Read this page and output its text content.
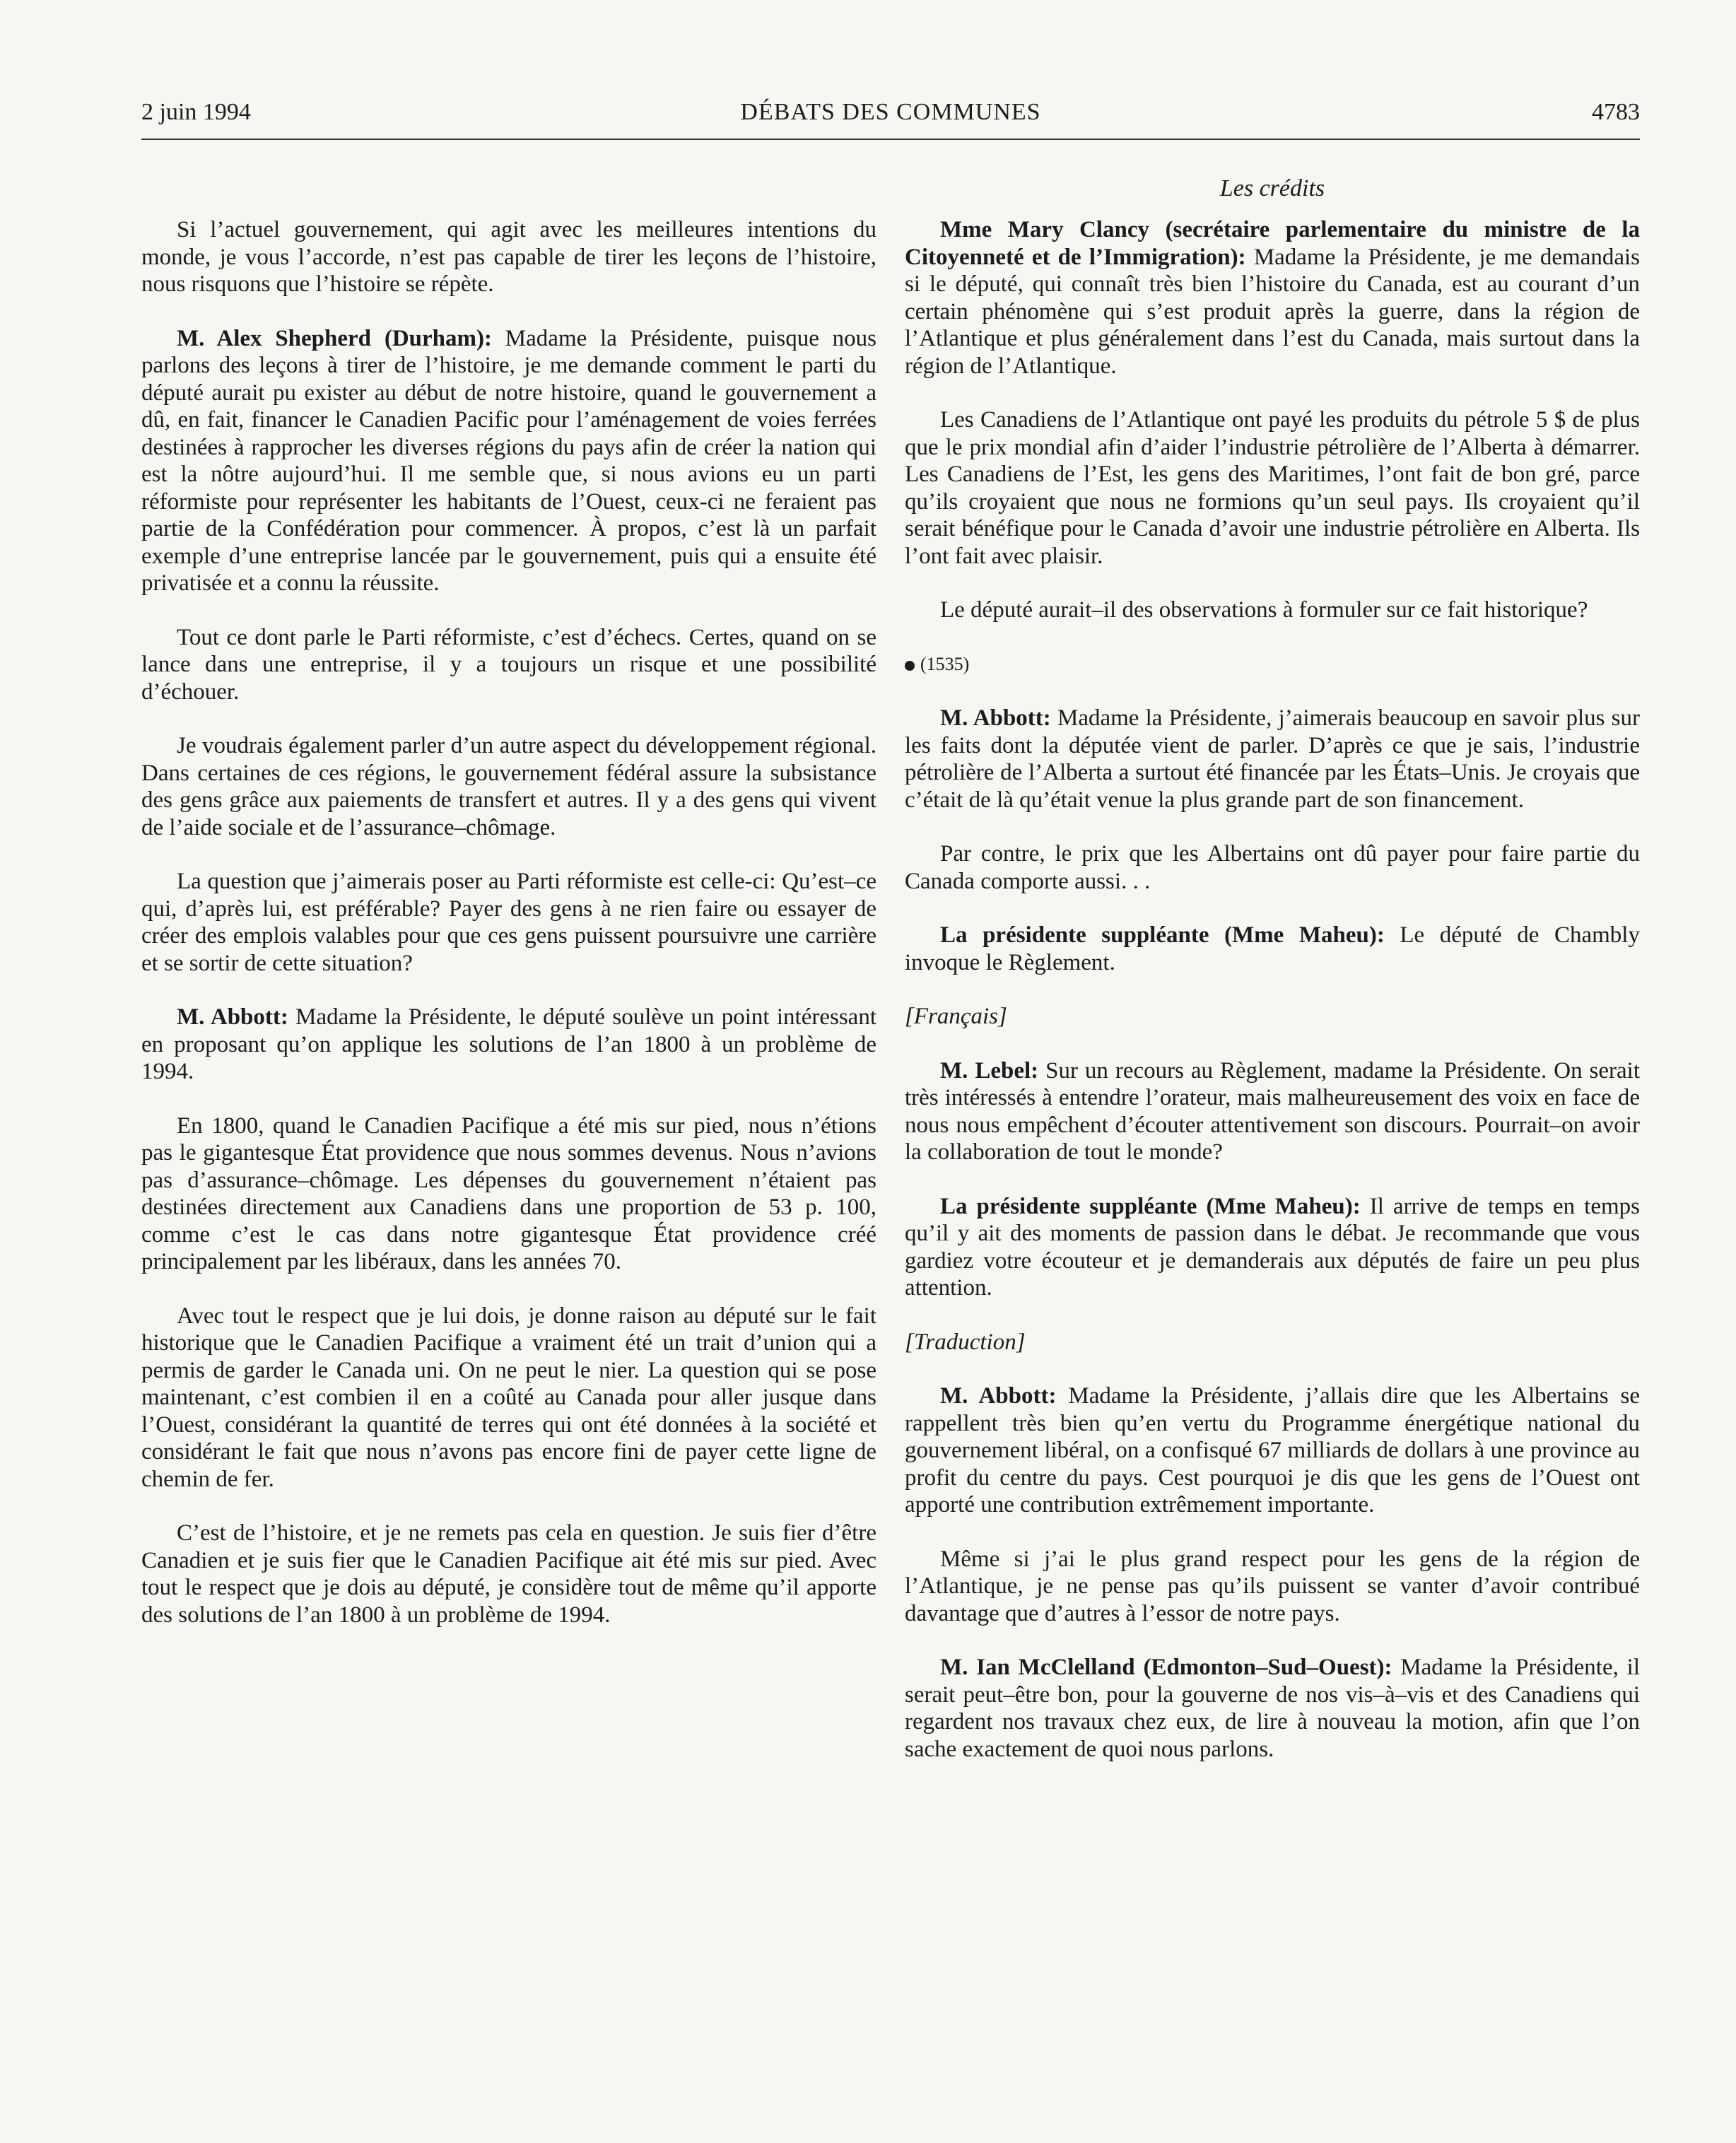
2 juin 1994	DÉBATS DES COMMUNES	4783
Les crédits

Si l’actuel gouvernement, qui agit avec les meilleures intentions du monde, je vous l’accorde, n’est pas capable de tirer les leçons de l’histoire, nous risquons que l’histoire se répète.

M. Alex Shepherd (Durham): Madame la Présidente, puisque nous parlons des leçons à tirer de l’histoire, je me demande comment le parti du député aurait pu exister au début de notre histoire, quand le gouvernement a dû, en fait, financer le Canadien Pacific pour l’aménagement de voies ferrées destinées à rapprocher les diverses régions du pays afin de créer la nation qui est la nôtre aujourd’hui. Il me semble que, si nous avions eu un parti réformiste pour représenter les habitants de l’Ouest, ceux-ci ne feraient pas partie de la Confédération pour commencer. À propos, c’est là un parfait exemple d’une entreprise lancée par le gouvernement, puis qui a ensuite été privatisée et a connu la réussite.

Tout ce dont parle le Parti réformiste, c’est d’échecs. Certes, quand on se lance dans une entreprise, il y a toujours un risque et une possibilité d’échouer.

Je voudrais également parler d’un autre aspect du développement régional. Dans certaines de ces régions, le gouvernement fédéral assure la subsistance des gens grâce aux paiements de transfert et autres. Il y a des gens qui vivent de l’aide sociale et de l’assurance–chômage.

La question que j’aimerais poser au Parti réformiste est celle-ci: Qu’est–ce qui, d’après lui, est préférable? Payer des gens à ne rien faire ou essayer de créer des emplois valables pour que ces gens puissent poursuivre une carrière et se sortir de cette situation?

M. Abbott: Madame la Présidente, le député soulève un point intéressant en proposant qu’on applique les solutions de l’an 1800 à un problème de 1994.

En 1800, quand le Canadien Pacifique a été mis sur pied, nous n’étions pas le gigantesque État providence que nous sommes devenus. Nous n’avions pas d’assurance–chômage. Les dépenses du gouvernement n’étaient pas destinées directement aux Canadiens dans une proportion de 53 p. 100, comme c’est le cas dans notre gigantesque État providence créé principalement par les libéraux, dans les années 70.

Avec tout le respect que je lui dois, je donne raison au député sur le fait historique que le Canadien Pacifique a vraiment été un trait d’union qui a permis de garder le Canada uni. On ne peut le nier. La question qui se pose maintenant, c’est combien il en a coûté au Canada pour aller jusque dans l’Ouest, considérant la quantité de terres qui ont été données à la société et considérant le fait que nous n’avons pas encore fini de payer cette ligne de chemin de fer.

C’est de l’histoire, et je ne remets pas cela en question. Je suis fier d’être Canadien et je suis fier que le Canadien Pacifique ait été mis sur pied. Avec tout le respect que je dois au député, je considère tout de même qu’il apporte des solutions de l’an 1800 à un problème de 1994.

Mme Mary Clancy (secrétaire parlementaire du ministre de la Citoyenneté et de l’Immigration): Madame la Présidente, je me demandais si le député, qui connaît très bien l’histoire du Canada, est au courant d’un certain phénomène qui s’est produit après la guerre, dans la région de l’Atlantique et plus généralement dans l’est du Canada, mais surtout dans la région de l’Atlantique.

Les Canadiens de l’Atlantique ont payé les produits du pétrole 5 $ de plus que le prix mondial afin d’aider l’industrie pétrolière de l’Alberta à démarrer. Les Canadiens de l’Est, les gens des Maritimes, l’ont fait de bon gré, parce qu’ils croyaient que nous ne formions qu’un seul pays. Ils croyaient qu’il serait bénéfique pour le Canada d’avoir une industrie pétrolière en Alberta. Ils l’ont fait avec plaisir.

Le député aurait–il des observations à formuler sur ce fait historique?

(1535)

M. Abbott: Madame la Présidente, j’aimerais beaucoup en savoir plus sur les faits dont la députée vient de parler. D’après ce que je sais, l’industrie pétrolière de l’Alberta a surtout été financée par les États–Unis. Je croyais que c’était de là qu’était venue la plus grande part de son financement.

Par contre, le prix que les Albertains ont dû payer pour faire partie du Canada comporte aussi. . .

La présidente suppléante (Mme Maheu): Le député de Chambly invoque le Règlement.

[Français]

M. Lebel: Sur un recours au Règlement, madame la Présidente. On serait très intéressés à entendre l’orateur, mais malheureusement des voix en face de nous nous empêchent d’écouter attentivement son discours. Pourrait–on avoir la collaboration de tout le monde?

La présidente suppléante (Mme Maheu): Il arrive de temps en temps qu’il y ait des moments de passion dans le débat. Je recommande que vous gardiez votre écouteur et je demanderais aux députés de faire un peu plus attention.

[Traduction]

M. Abbott: Madame la Présidente, j’allais dire que les Albertains se rappellent très bien qu’en vertu du Programme énergétique national du gouvernement libéral, on a confisqué 67 milliards de dollars à une province au profit du centre du pays. Cest pourquoi je dis que les gens de l’Ouest ont apporté une contribution extrêmement importante.

Même si j’ai le plus grand respect pour les gens de la région de l’Atlantique, je ne pense pas qu’ils puissent se vanter d’avoir contribué davantage que d’autres à l’essor de notre pays.

M. Ian McClelland (Edmonton–Sud–Ouest): Madame la Présidente, il serait peut–être bon, pour la gouverne de nos vis–à–vis et des Canadiens qui regardent nos travaux chez eux, de lire à nouveau la motion, afin que l’on sache exactement de quoi nous parlons.
